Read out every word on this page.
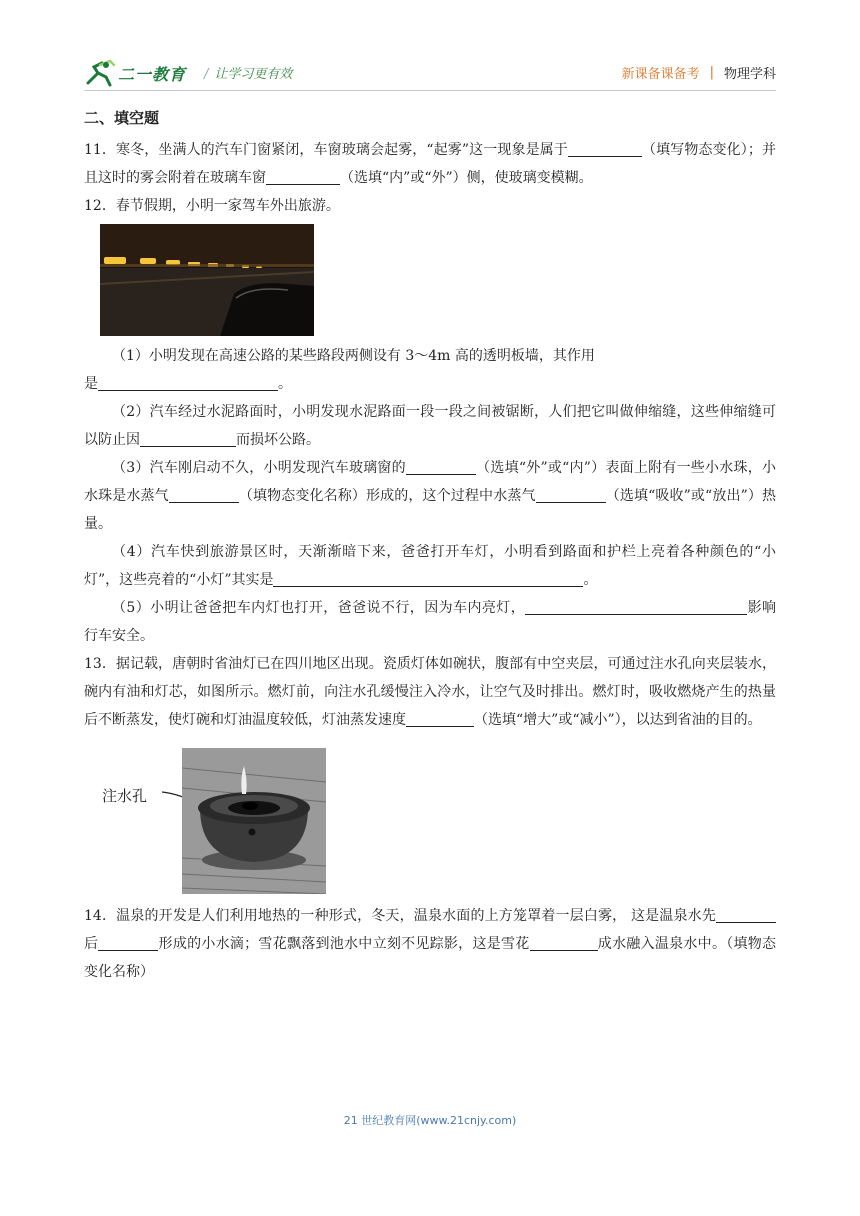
二一教育 / 让学习更有效	新课备课备考 | 物理学科
二、填空题

11．寒冬，坐满人的汽车门窗紧闭，车窗玻璃会起雾，“起雾”这一现象是属于	（填写物态变化）；并且这时的雾会附着在玻璃车窗	（选填“内”或“外”）侧，使玻璃变模糊。

12．春节假期，小明一家驾车外出旅游。

（1）小明发现在高速公路的某些路段两侧设有 3～4m 高的透明板墙，其作用

是	。

（2）汽车经过水泥路面时，小明发现水泥路面一段一段之间被锯断，人们把它叫做伸缩缝，这些伸缩缝可以防止因	而损坏公路。

（3）汽车刚启动不久，小明发现汽车玻璃窗的	（选填“外”或“内”）表面上附有一些小水珠，小水珠是水蒸气	（填物态变化名称）形成的，这个过程中水蒸气	（选填“吸收”或“放出”）热量。

（4）汽车快到旅游景区时，天渐渐暗下来，爸爸打开车灯，小明看到路面和护栏上亮着各种颜色的“小灯”，这些亮着的“小灯”其实是	。

（5）小明让爸爸把车内灯也打开，爸爸说不行，因为车内亮灯，	影响行车安全。

13．据记载，唐朝时省油灯已在四川地区出现。瓷质灯体如碗状，腹部有中空夹层，可通过注水孔向夹层装水，碗内有油和灯芯，如图所示。燃灯前，向注水孔缓慢注入冷水，让空气及时排出。燃灯时，吸收燃烧产生的热量后不断蒸发，使灯碗和灯油温度较低，灯油蒸发速度	（选填“增大”或“减小”），以达到省油的目的。

注水孔

14．温泉的开发是人们利用地热的一种形式，冬天，温泉水面的上方笼罩着一层白雾， 这是温泉水先后	形成的小水滴；雪花飘落到池水中立刻不见踪影，这是雪花	成水融入温泉水中。（填物态变化名称）

21 世纪教育网(www.21cnjy.com)
